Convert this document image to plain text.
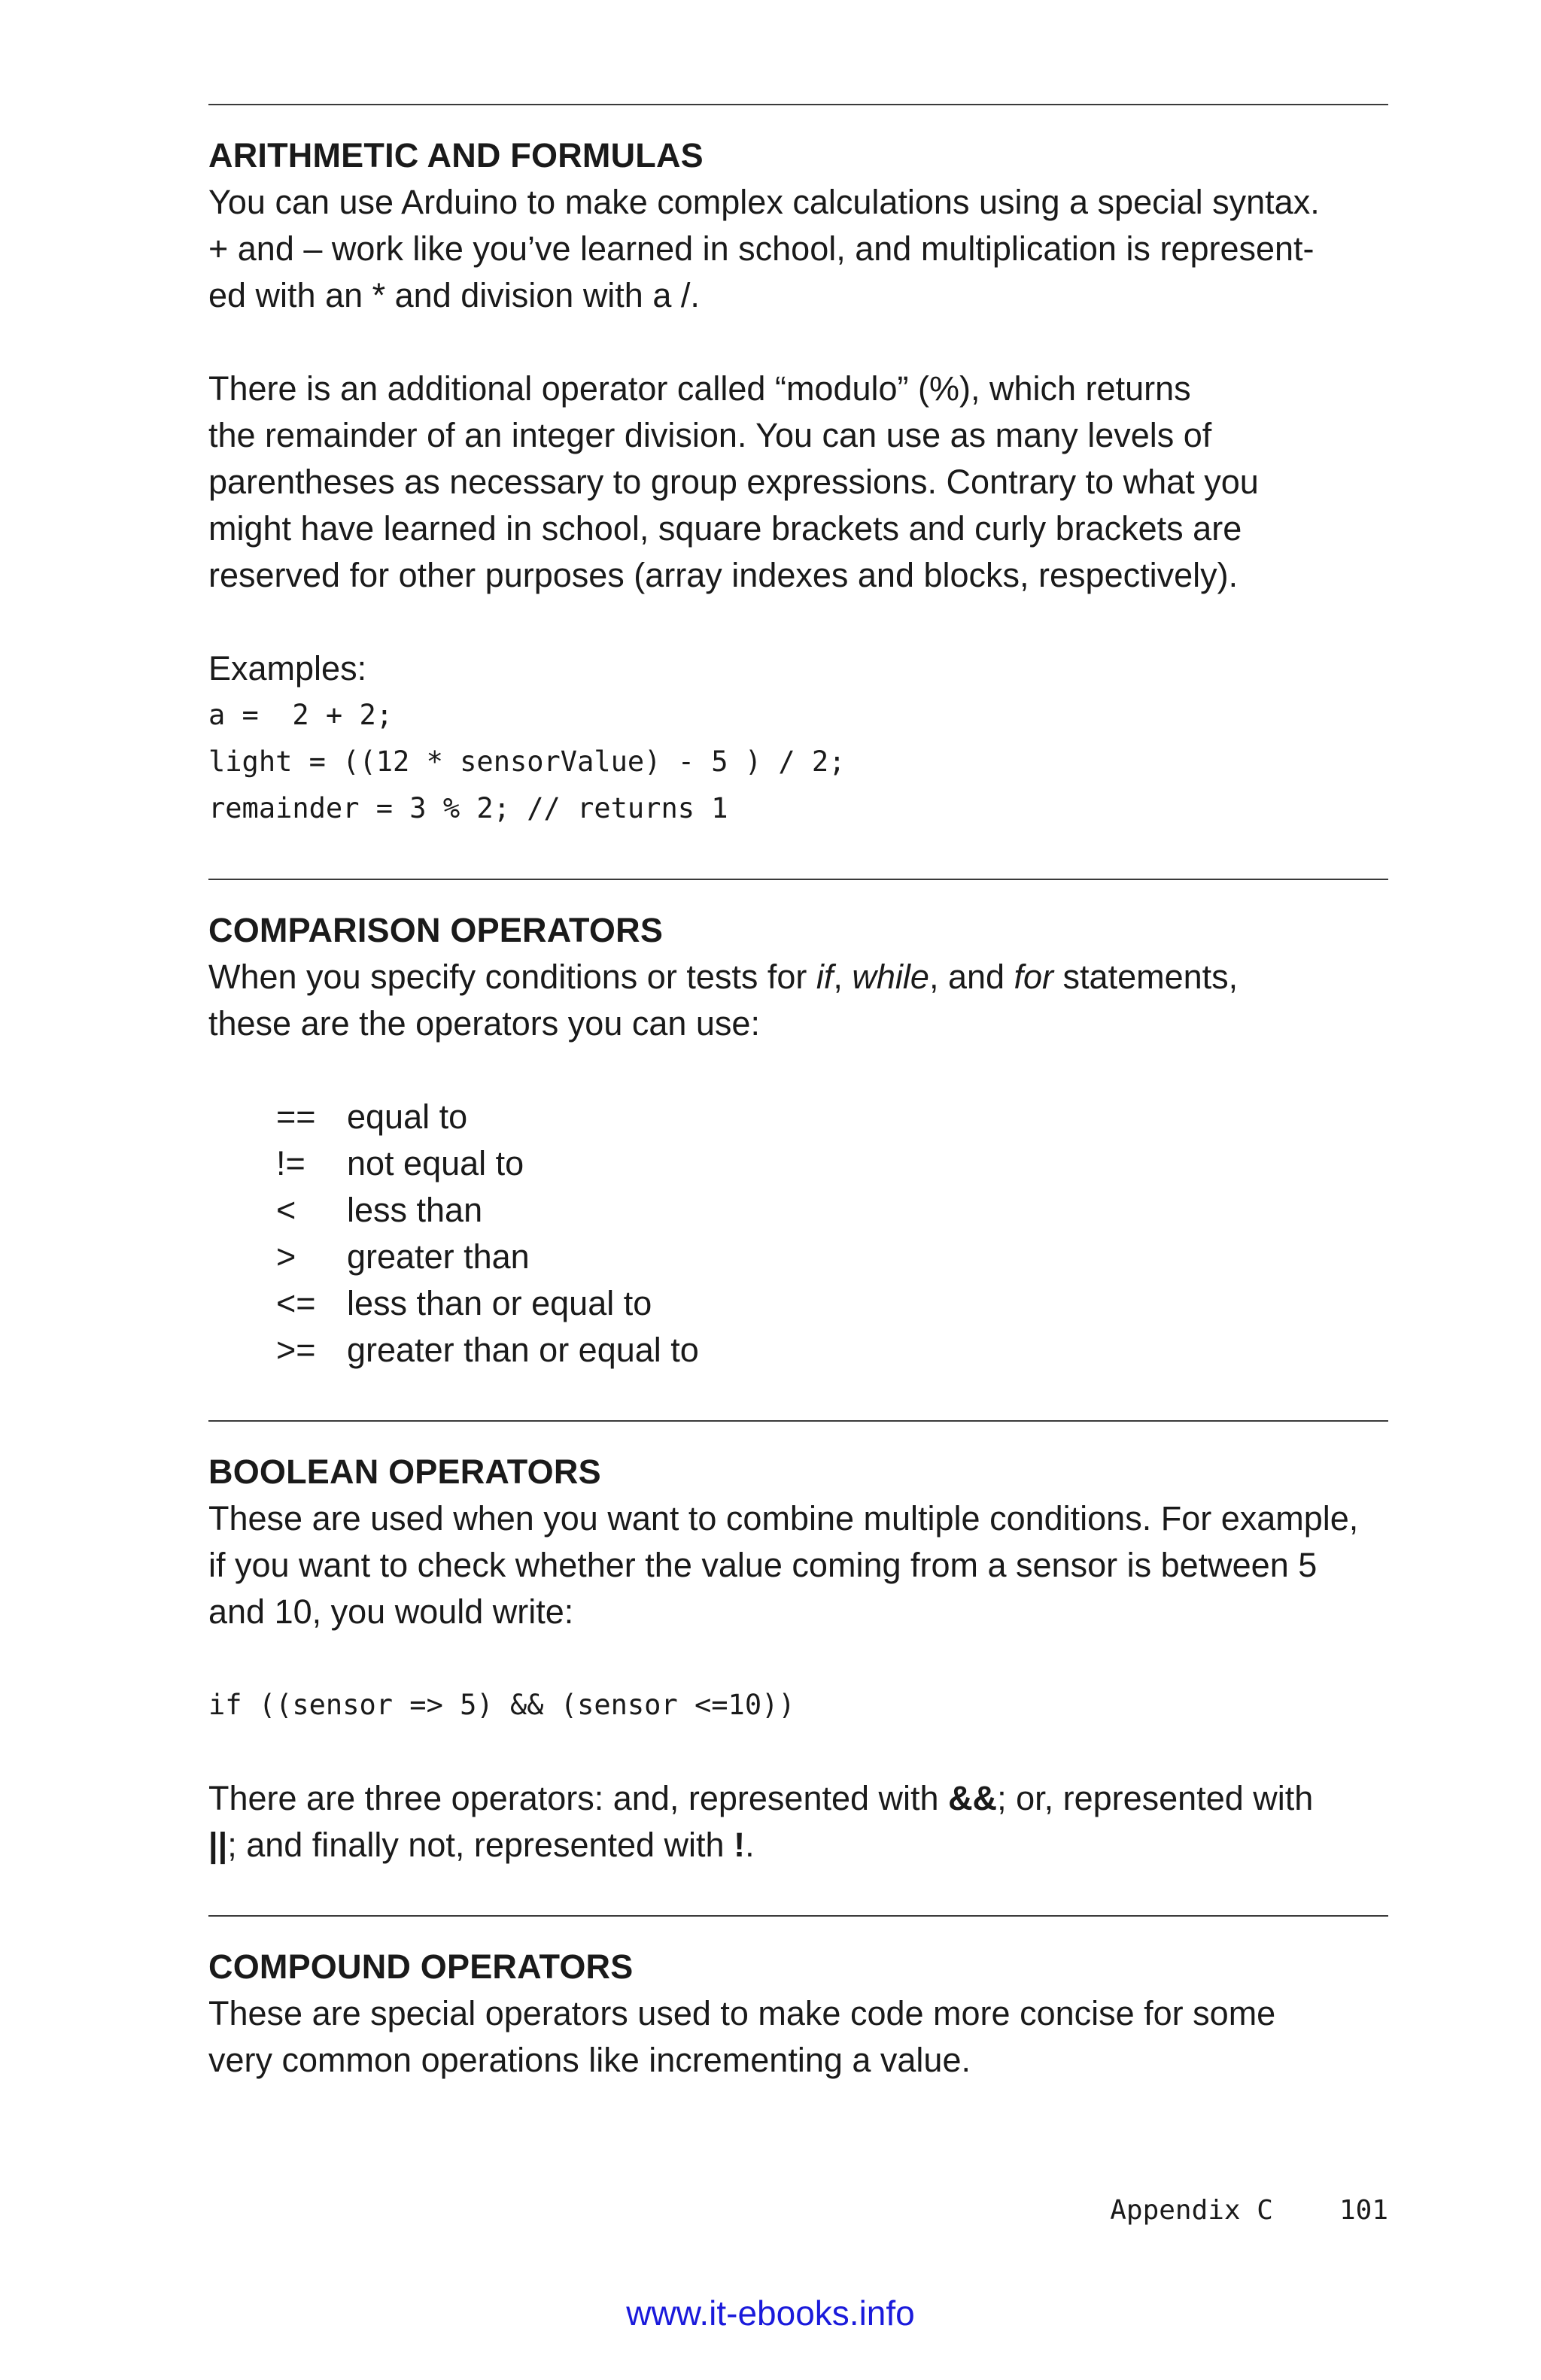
ARITHMETIC AND FORMULAS

You can use Arduino to make complex calculations using a special syntax.
+ and – work like you’ve learned in school, and multiplication is represent-
ed with an * and division with a /.

There is an additional operator called “modulo” (%), which returns
the remainder of an integer division. You can use as many levels of
parentheses as necessary to group expressions. Contrary to what you
might have learned in school, square brackets and curly brackets are
reserved for other purposes (array indexes and blocks, respectively).

Examples:

a =  2 + 2;
light = ((12 * sensorValue) - 5 ) / 2;
remainder = 3 % 2; // returns 1
COMPARISON OPERATORS

When you specify conditions or tests for if, while, and for statements,
these are the operators you can use:

== equal to
!=	not equal to
<	less than
>	greater than
<= less than or equal to
>= greater than or equal to
BOOLEAN OPERATORS

These are used when you want to combine multiple conditions. For example,
if you want to check whether the value coming from a sensor is between 5
and 10, you would write:

if ((sensor => 5) && (sensor <=10))

There are three operators: and, represented with &&; or, represented with
||; and finally not, represented with !.

COMPOUND OPERATORS

These are special operators used to make code more concise for some
very common operations like incrementing a value.

Appendix C 101
www.it-ebooks.info
